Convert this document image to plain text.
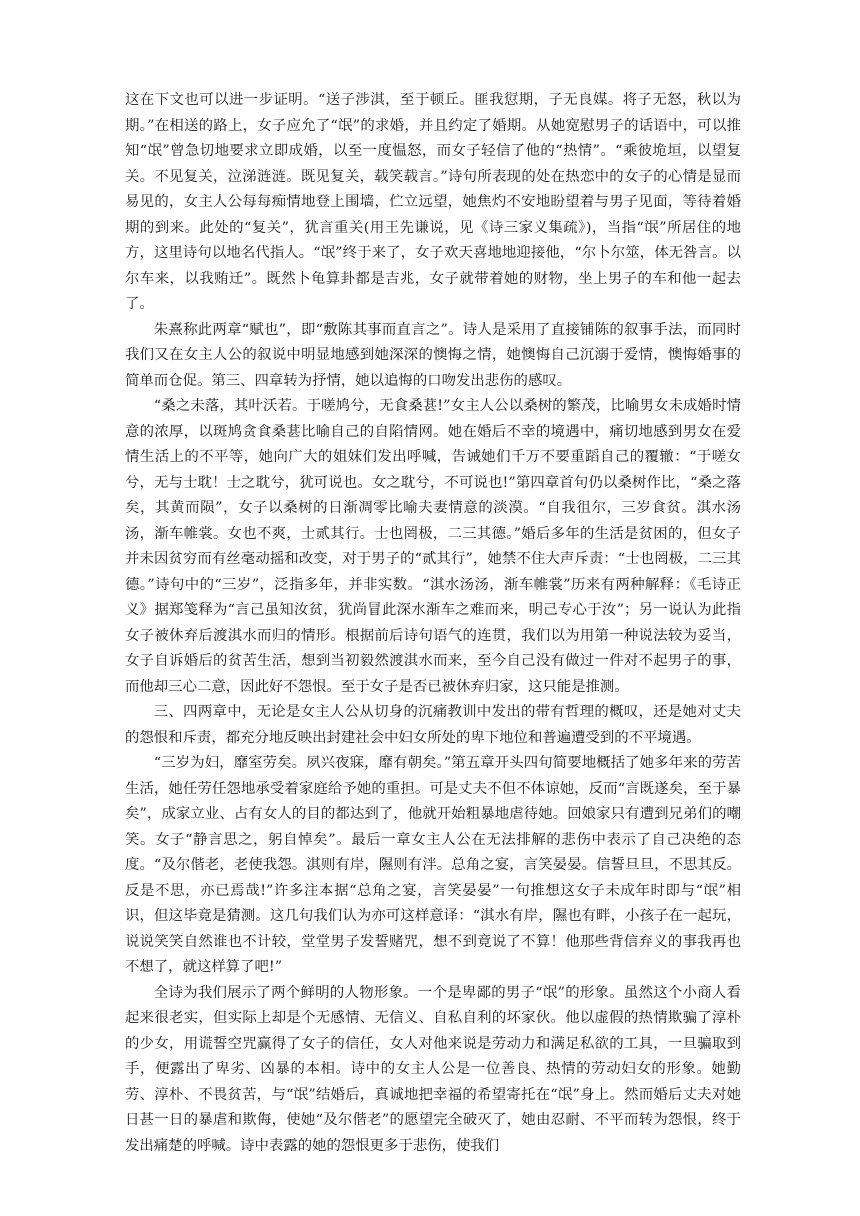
这在下文也可以进一步证明。“送子涉淇，至于顿丘。匪我愆期，子无良媒。将子无怒，秋以为期。”在相送的路上，女子应允了“氓”的求婚，并且约定了婚期。从她宽慰男子的话语中，可以推知“氓”曾急切地要求立即成婚，以至一度愠怒，而女子轻信了他的“热情”。“乘彼垝垣，以望复关。不见复关，泣涕涟涟。既见复关，载笑载言。”诗句所表现的处在热恋中的女子的心情是显而易见的，女主人公每每痴情地登上围墙，伫立远望，她焦灼不安地盼望着与男子见面，等待着婚期的到来。此处的“复关”，犹言重关(用王先谦说，见《诗三家义集疏》)，当指“氓”所居住的地方，这里诗句以地名代指人。“氓”终于来了，女子欢天喜地地迎接他，“尔卜尔筮，体无咎言。以尔车来，以我贿迁”。既然卜龟算卦都是吉兆，女子就带着她的财物，坐上男子的车和他一起去了。

朱熹称此两章“赋也”，即“敷陈其事而直言之”。诗人是采用了直接铺陈的叙事手法，而同时我们又在女主人公的叙说中明显地感到她深深的懊悔之情，她懊悔自己沉溺于爱情，懊悔婚事的简单而仓促。第三、四章转为抒情，她以追悔的口吻发出悲伤的感叹。

“桑之未落，其叶沃若。于嗟鸠兮，无食桑葚!”女主人公以桑树的繁茂，比喻男女未成婚时情意的浓厚，以斑鸠贪食桑葚比喻自己的自陷情网。她在婚后不幸的境遇中，痛切地感到男女在爱情生活上的不平等，她向广大的姐妹们发出呼喊，告诫她们千万不要重蹈自己的覆辙：“于嗟女兮，无与士耽！士之耽兮，犹可说也。女之耽兮，不可说也!”第四章首句仍以桑树作比，“桑之落矣，其黄而陨”，女子以桑树的日渐凋零比喻夫妻情意的淡漠。“自我徂尔，三岁食贫。淇水汤汤，渐车帷裳。女也不爽，士贰其行。士也罔极，二三其德。”婚后多年的生活是贫困的，但女子并未因贫穷而有丝毫动摇和改变，对于男子的“贰其行”，她禁不住大声斥责：“士也罔极，二三其德。”诗句中的“三岁”，泛指多年，并非实数。“淇水汤汤，渐车帷裳”历来有两种解释：《毛诗正义》据郑笺释为“言己虽知汝贫，犹尚冒此深水渐车之难而来，明己专心于汝”；另一说认为此指女子被休弃后渡淇水而归的情形。根据前后诗句语气的连贯，我们以为用第一种说法较为妥当，女子自诉婚后的贫苦生活，想到当初毅然渡淇水而来，至今自己没有做过一件对不起男子的事，而他却三心二意，因此好不怨恨。至于女子是否已被休弃归家，这只能是推测。

三、四两章中，无论是女主人公从切身的沉痛教训中发出的带有哲理的概叹，还是她对丈夫的怨恨和斥责，都充分地反映出封建社会中妇女所处的卑下地位和普遍遭受到的不平境遇。

“三岁为妇，靡室劳矣。夙兴夜寐，靡有朝矣。”第五章开头四句简要地概括了她多年来的劳苦生活，她任劳任怨地承受着家庭给予她的重担。可是丈夫不但不体谅她，反而“言既遂矣，至于暴矣”，成家立业、占有女人的目的都达到了，他就开始粗暴地虐待她。回娘家只有遭到兄弟们的嘲笑。女子“静言思之，躬自悼矣”。最后一章女主人公在无法排解的悲伤中表示了自己决绝的态度。“及尔偕老，老使我怨。淇则有岸，隰则有泮。总角之宴，言笑晏晏。信誓旦旦，不思其反。反是不思，亦已焉哉!”许多注本据“总角之宴，言笑晏晏”一句推想这女子未成年时即与“氓”相识，但这毕竟是猜测。这几句我们认为亦可这样意译：“淇水有岸，隰也有畔，小孩子在一起玩，说说笑笑自然谁也不计较，堂堂男子发誓赌咒，想不到竟说了不算！他那些背信弃义的事我再也不想了，就这样算了吧!”

全诗为我们展示了两个鲜明的人物形象。一个是卑鄙的男子“氓”的形象。虽然这个小商人看起来很老实，但实际上却是个无感情、无信义、自私自利的坏家伙。他以虚假的热情欺骗了淳朴的少女，用谎誓空咒赢得了女子的信任，女人对他来说是劳动力和满足私欲的工具，一旦骗取到手，便露出了卑劣、凶暴的本相。诗中的女主人公是一位善良、热情的劳动妇女的形象。她勤劳、淳朴、不畏贫苦，与“氓”结婚后，真诚地把幸福的希望寄托在“氓”身上。然而婚后丈夫对她日甚一日的暴虐和欺侮，使她“及尔偕老”的愿望完全破灭了，她由忍耐、不平而转为怨恨，终于发出痛楚的呼喊。诗中表露的她的怨恨更多于悲伤，使我们
